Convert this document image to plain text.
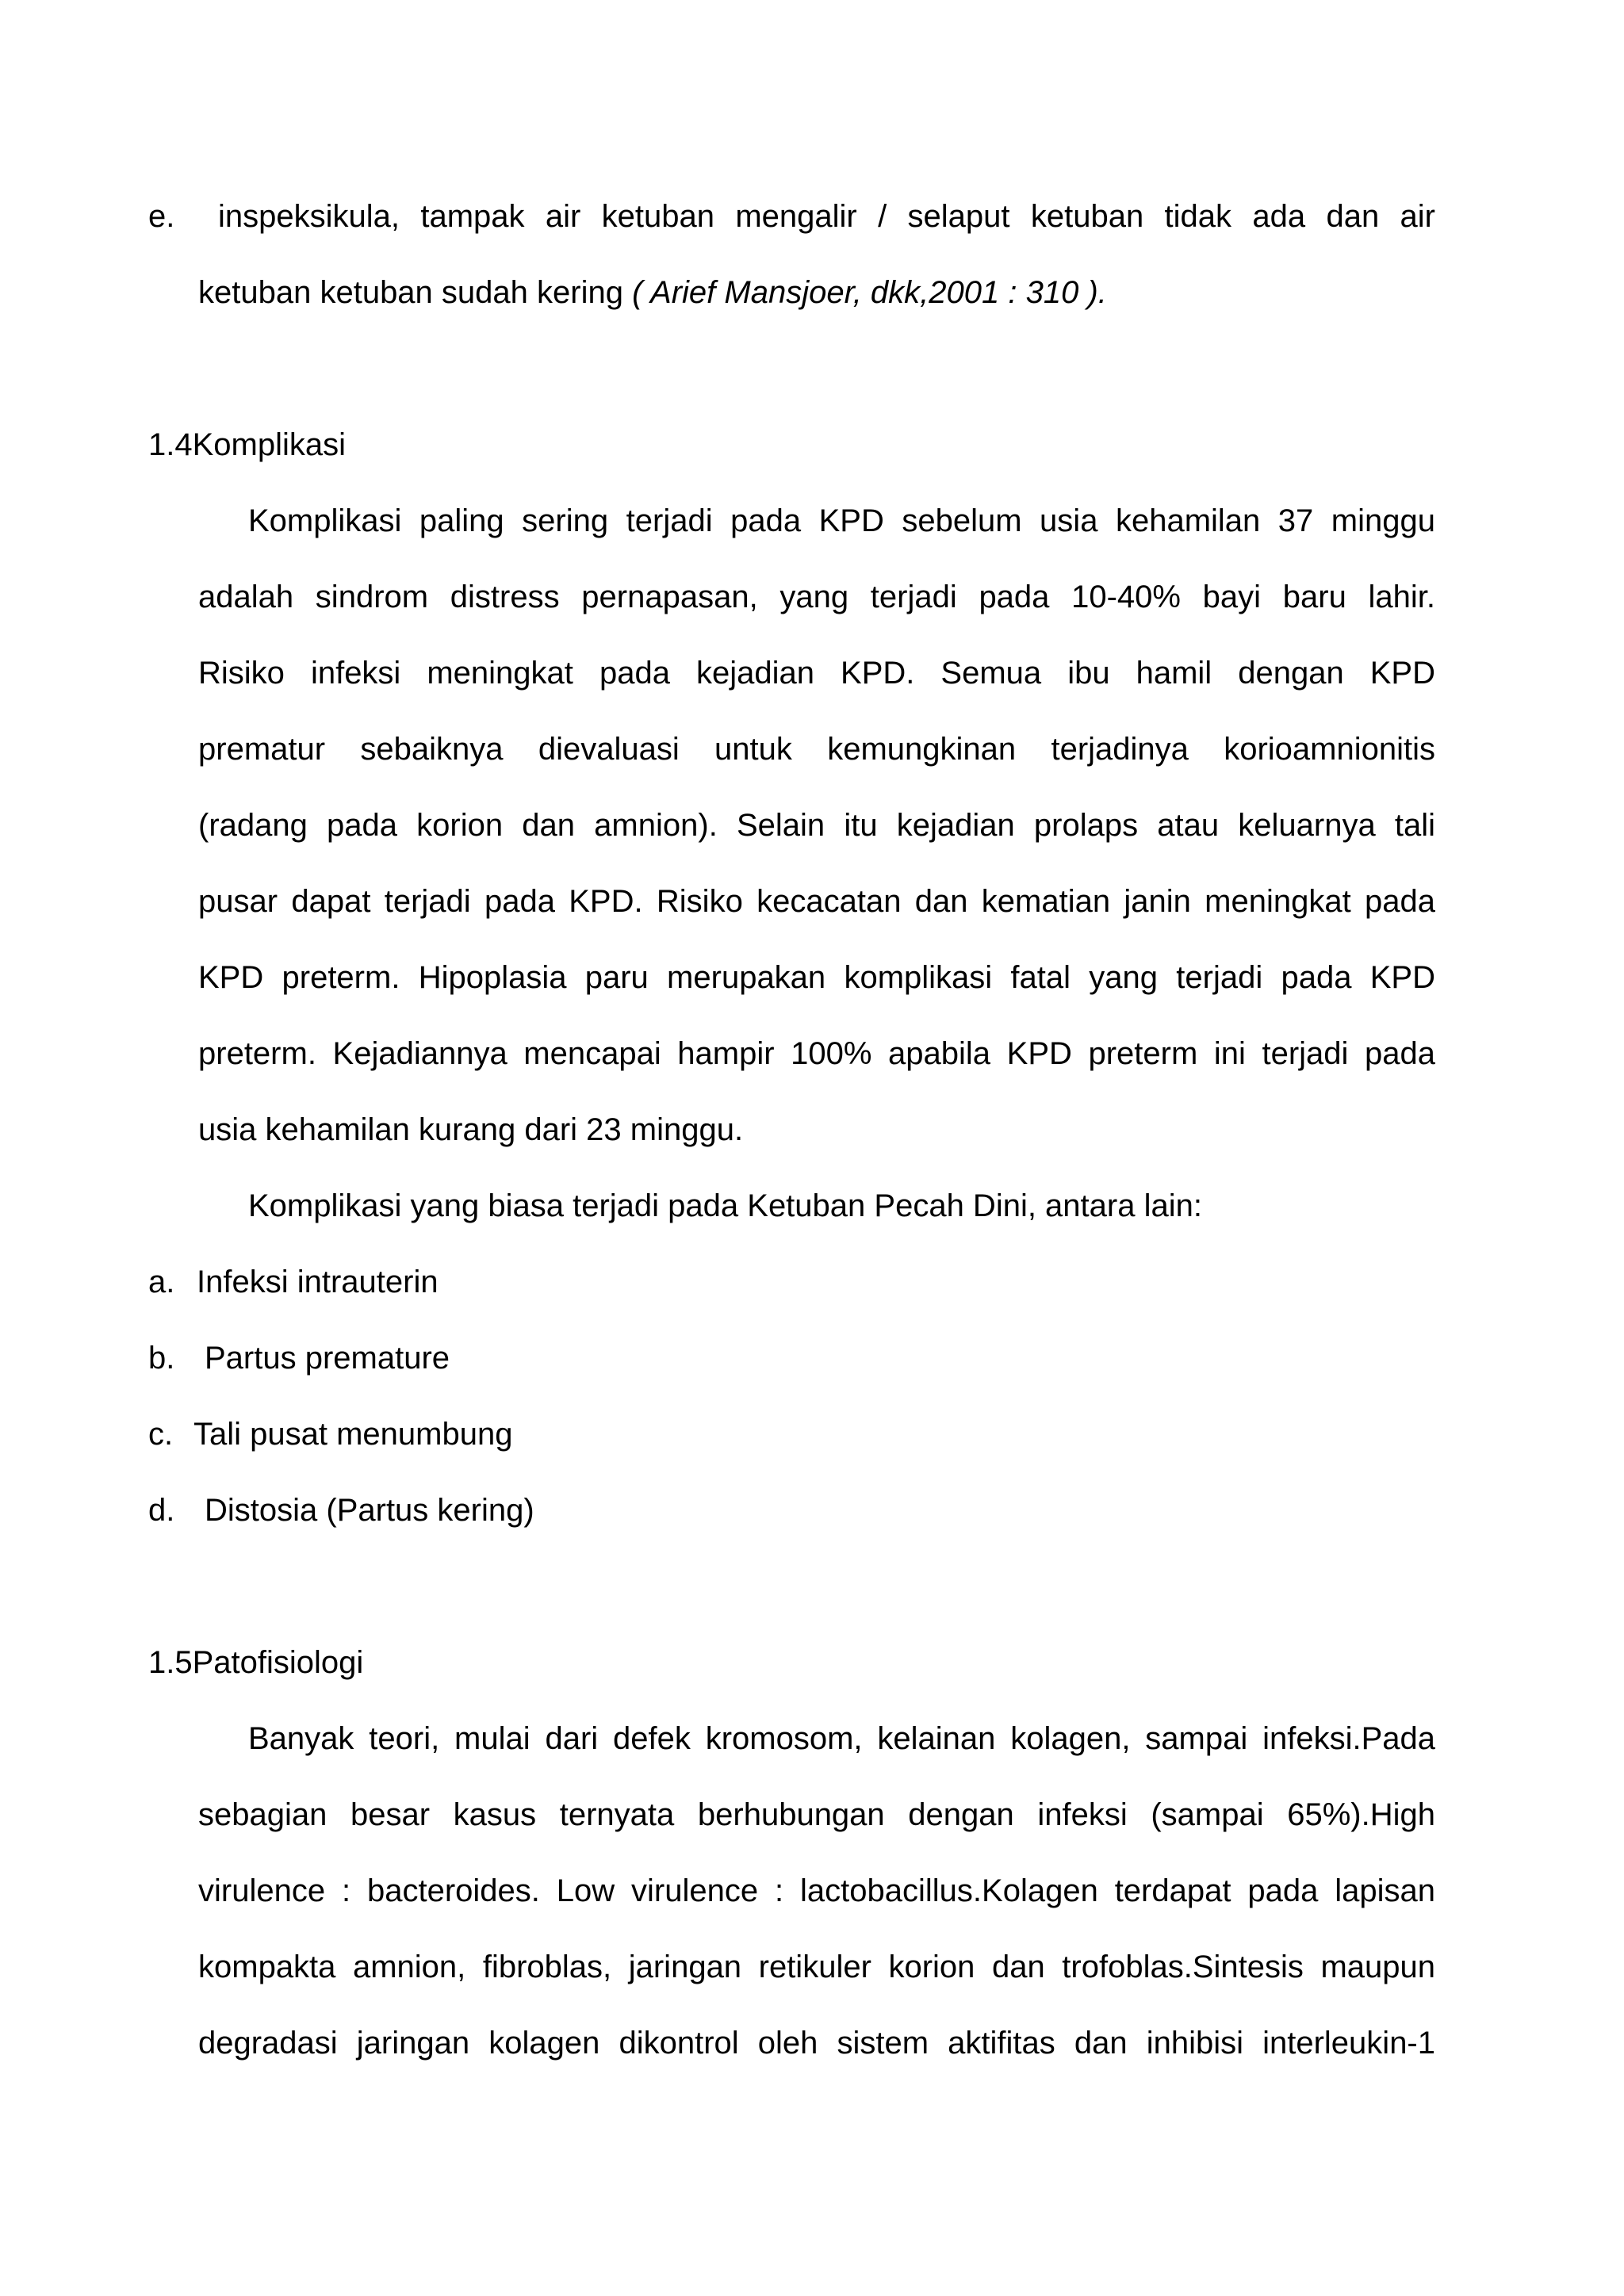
e. inspeksikula, tampak air ketuban mengalir / selaput ketuban tidak ada dan air
ketuban ketuban sudah kering ( Arief Mansjoer, dkk,2001 : 310 ).
1.4Komplikasi
Komplikasi paling sering terjadi pada KPD sebelum usia kehamilan 37 minggu
adalah sindrom distress pernapasan, yang terjadi pada 10-40% bayi baru lahir.
Risiko infeksi meningkat pada kejadian KPD. Semua ibu hamil dengan KPD
prematur sebaiknya dievaluasi untuk kemungkinan terjadinya korioamnionitis
(radang pada korion dan amnion). Selain itu kejadian prolaps atau keluarnya tali
pusar dapat terjadi pada KPD. Risiko kecacatan dan kematian janin meningkat pada
KPD preterm. Hipoplasia paru merupakan komplikasi fatal yang terjadi pada KPD
preterm. Kejadiannya mencapai hampir 100% apabila KPD preterm ini terjadi pada
usia kehamilan kurang dari 23 minggu.
Komplikasi yang biasa terjadi pada Ketuban Pecah Dini, antara lain:
a. Infeksi intrauterin
b. Partus premature
c. Tali pusat menumbung
d. Distosia (Partus kering)
1.5Patofisiologi
Banyak teori, mulai dari defek kromosom, kelainan kolagen, sampai infeksi.Pada
sebagian besar kasus ternyata berhubungan dengan infeksi (sampai 65%).High
virulence : bacteroides. Low virulence : lactobacillus.Kolagen terdapat pada lapisan
kompakta amnion, fibroblas, jaringan retikuler korion dan trofoblas.Sintesis maupun
degradasi jaringan kolagen dikontrol oleh sistem aktifitas dan inhibisi interleukin-1
